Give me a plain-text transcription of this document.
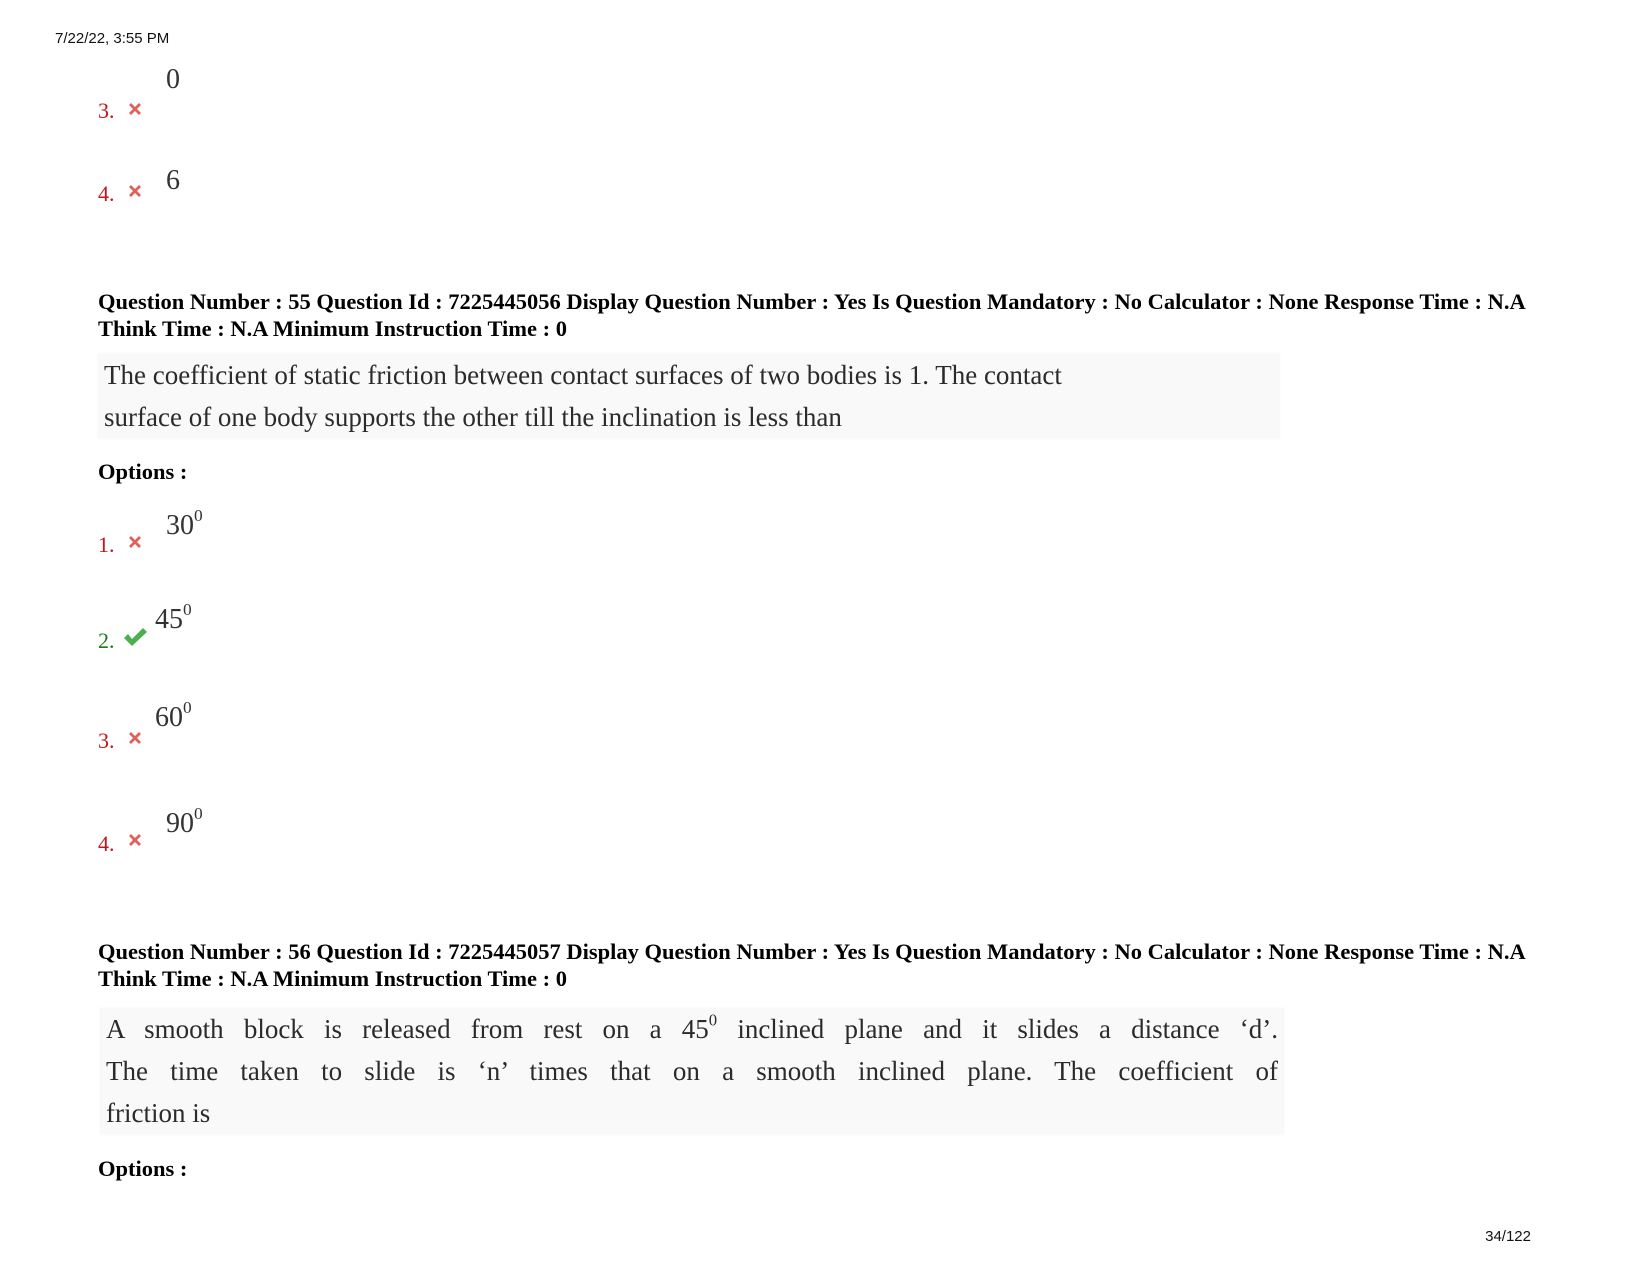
7/22/22, 3:55 PM
3.
0
4. 6
Question Number : 55 Question Id : 7225445056 Display Question Number : Yes Is Question Mandatory : No Calculator : None Response Time : N.A Think Time : N.A Minimum Instruction Time : 0
The coefficient of static friction between contact surfaces of two bodies is 1. The contact
surface of one body supports the other till the inclination is less than
Options :
1.
$30^0$
2.
$45^0$
3.
$60^0$
4.
$90^0$
Question Number : 56 Question Id : 7225445057 Display Question Number : Yes Is Question Mandatory : No Calculator : None Response Time : N.A Think Time : N.A Minimum Instruction Time : 0
A smooth block is released from rest on a $45^0$ inclined plane and it slides a distance ‘d’.
The time taken to slide is ‘n’ times that on a smooth inclined plane. The coefficient of
friction is
Options :
34/122
